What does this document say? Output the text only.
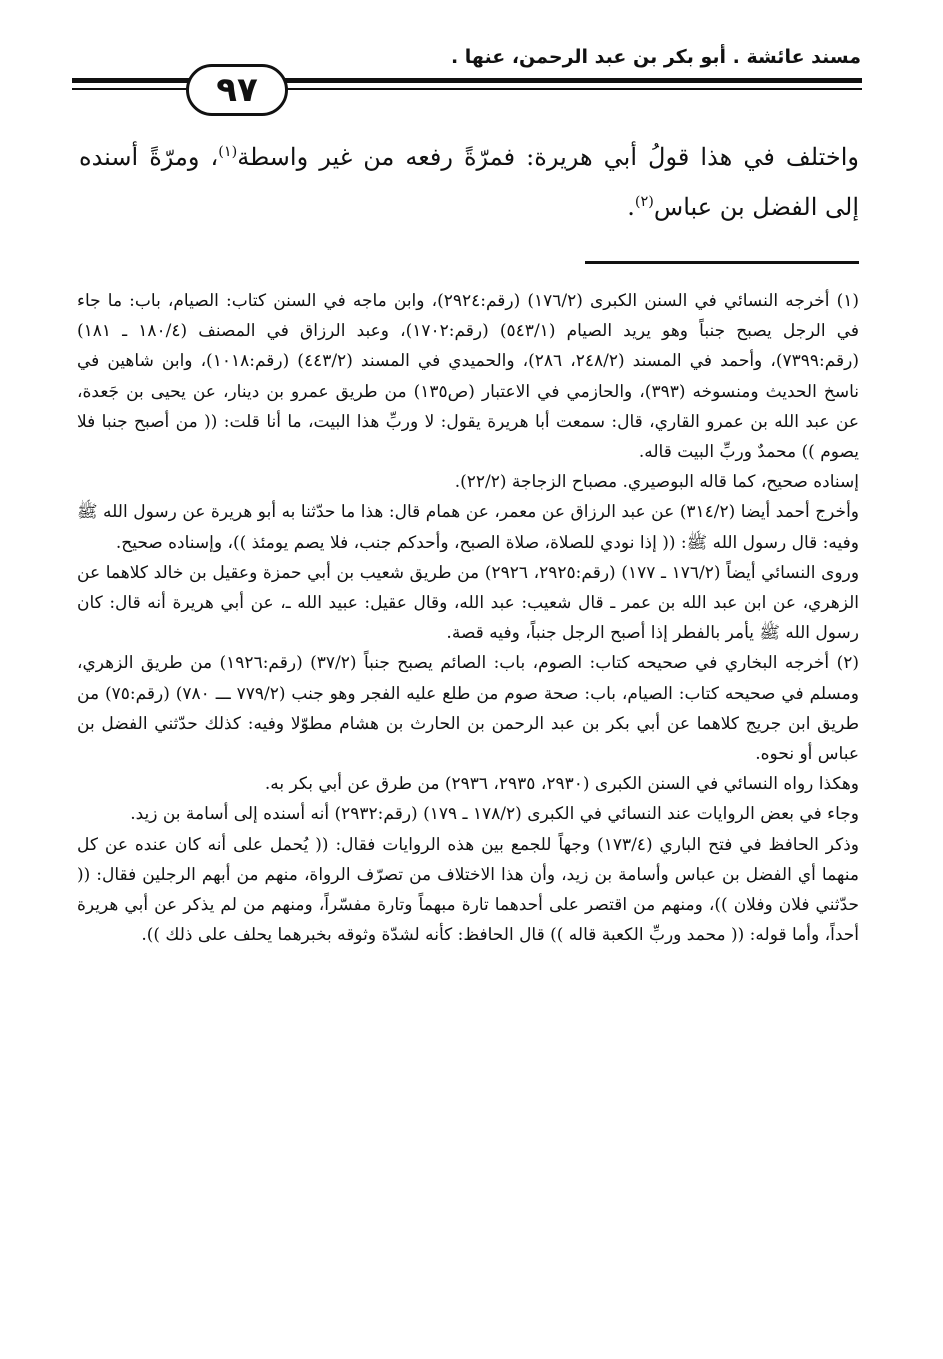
مسند عائشة . أبو بكر بن عبد الرحمن، عنها .
٩٧
واختلف في هذا قولُ أبي هريرة: فمرّةً رفعه من غير واسطة$^{(١)}$، ومرّةً أسنده إلى الفضل بن عباس$^{(٢)}$.

(١) أخرجه النسائي في السنن الكبرى (١٧٦/٢) (رقم:٢٩٢٤)، وابن ماجه في السنن كتاب: الصيام، باب: ما جاء في الرجل يصبح جنباً وهو يريد الصيام (٥٤٣/١) (رقم:١٧٠٢)، وعبد الرزاق في المصنف (١٨٠/٤ ـ ١٨١) (رقم:٧٣٩٩)، وأحمد في المسند (٢٤٨/٢، ٢٨٦)، والحميدي في المسند (٤٤٣/٢) (رقم:١٠١٨)، وابن شاهين في ناسخ الحديث ومنسوخه (٣٩٣)، والحازمي في الاعتبار (ص١٣٥) من طريق عمرو بن دينار، عن يحيى بن جَعدة، عن عبد الله بن عمرو القاري، قال: سمعت أبا هريرة يقول: لا وربِّ هذا البيت، ما أنا قلت: (( من أصبح جنبا فلا يصوم )) محمدٌ وربِّ البيت قاله.

إسناده صحيح، كما قاله البوصيري. مصباح الزجاجة (٢٢/٢).

وأخرج أحمد أيضا (٣١٤/٢) عن عبد الرزاق عن معمر، عن همام قال: هذا ما حدّثنا به أبو هريرة عن رسول الله ﷺ وفيه: قال رسول الله ﷺ: (( إذا نودي للصلاة، صلاة الصبح، وأحدكم جنب، فلا يصم يومئذ ))، وإسناده صحيح.

وروى النسائي أيضاً (١٧٦/٢ ـ ١٧٧) (رقم:٢٩٢٥، ٢٩٢٦) من طريق شعيب بن أبي حمزة وعقيل بن خالد كلاهما عن الزهري، عن ابن عبد الله بن عمر ـ قال شعيب: عبد الله، وقال عقيل: عبيد الله ـ، عن أبي هريرة أنه قال: كان رسول الله ﷺ يأمر بالفطر إذا أصبح الرجل جنباً، وفيه قصة.

(٢) أخرجه البخاري في صحيحه كتاب: الصوم، باب: الصائم يصبح جنباً (٣٧/٢) (رقم:١٩٢٦) من طريق الزهري، ومسلم في صحيحه كتاب: الصيام، باب: صحة صوم من طلع عليه الفجر وهو جنب (٧٧٩/٢ ـــ ٧٨٠) (رقم:٧٥) من طريق ابن جريج كلاهما عن أبي بكر بن عبد الرحمن بن الحارث بن هشام مطوّلا وفيه: كذلك حدّثني الفضل بن عباس أو نحوه.

وهكذا رواه النسائي في السنن الكبرى (٢٩٣٠، ٢٩٣٥، ٢٩٣٦) من طرق عن أبي بكر به.

وجاء في بعض الروايات عند النسائي في الكبرى (١٧٨/٢ ـ ١٧٩) (رقم:٢٩٣٢) أنه أسنده إلى أسامة بن زيد.

وذكر الحافظ في فتح الباري (١٧٣/٤) وجهاً للجمع بين هذه الروايات فقال: (( يُحمل على أنه كان عنده عن كل منهما أي الفضل بن عباس وأسامة بن زيد، وأن هذا الاختلاف من تصرّف الرواة، منهم من أبهم الرجلين فقال: (( حدّثني فلان وفلان ))، ومنهم من اقتصر على أحدهما تارة مبهماً وتارة مفسّراً، ومنهم من لم يذكر عن أبي هريرة أحداً، وأما قوله: (( محمد وربِّ الكعبة قاله )) قال الحافظ: كأنه لشدّة وثوقه بخبرهما يحلف على ذلك )).
